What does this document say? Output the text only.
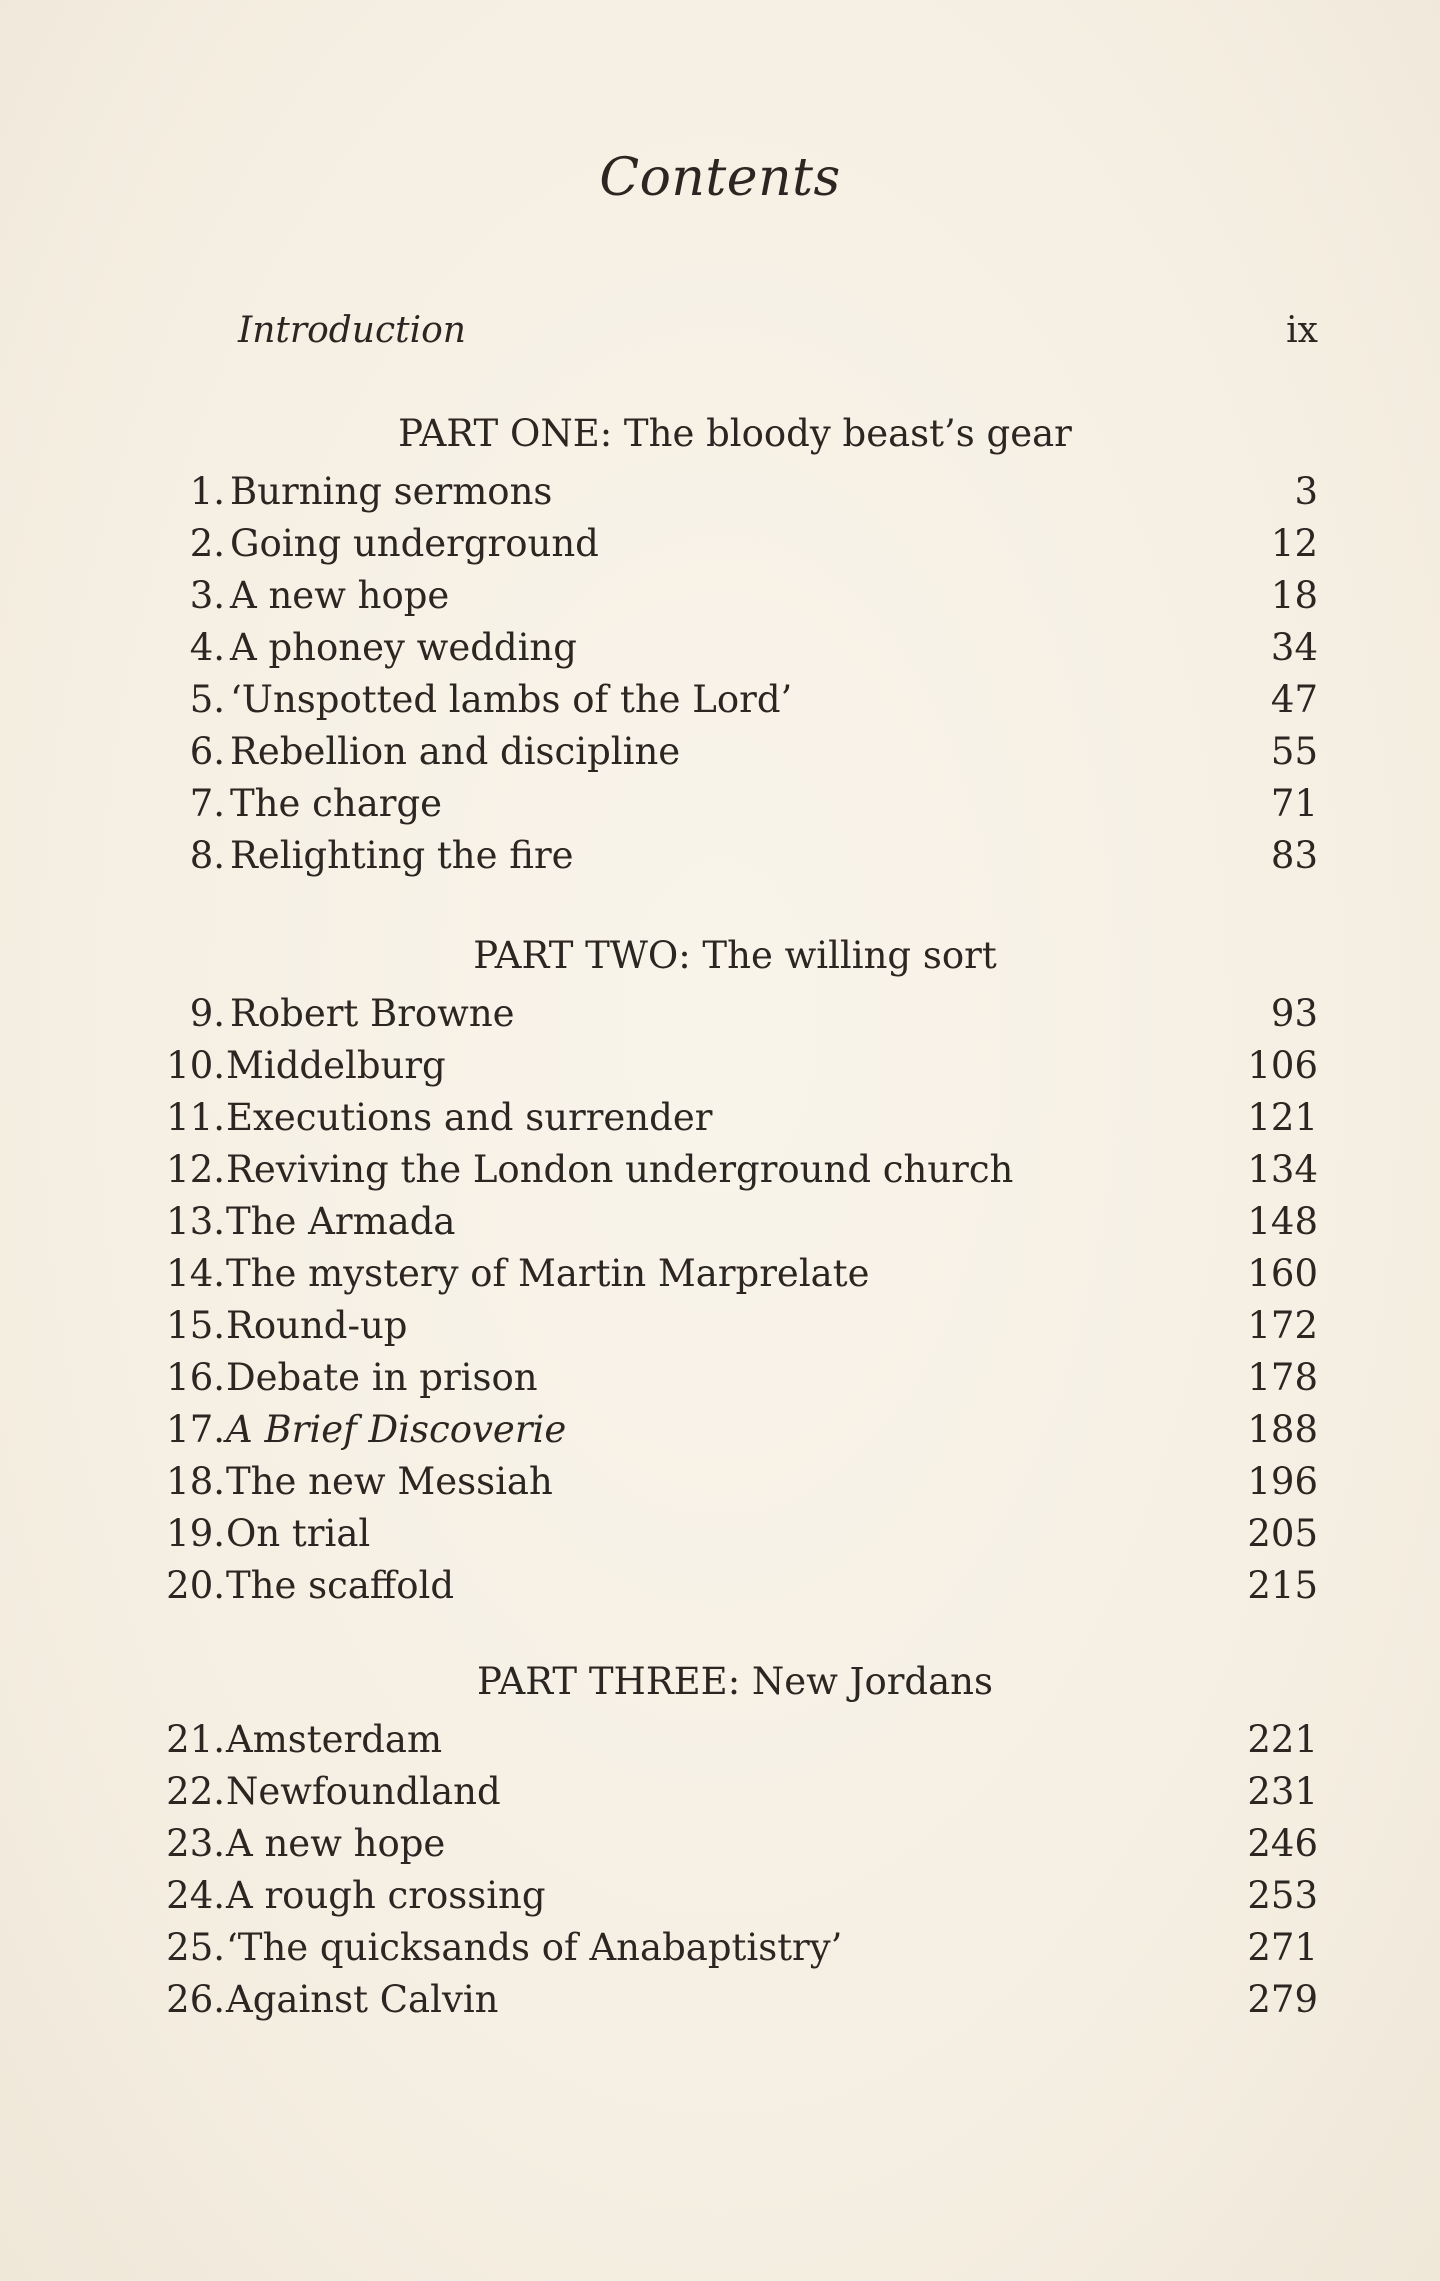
Contents
Introduction	ix
PART ONE: The bloody beast’s gear
1. Burning sermons	3
2. Going underground	12
3. A new hope	18
4. A phoney wedding	34
5. ‘Unspotted lambs of the Lord’	47
6. Rebellion and discipline	55
7. The charge	71
8. Relighting the fire	83
PART TWO: The willing sort
9. Robert Browne	93
10. Middelburg	106
11. Executions and surrender	121
12. Reviving the London underground church	134
13. The Armada	148
14. The mystery of Martin Marprelate	160
15. Round-up	172
16. Debate in prison	178
17. A Brief Discoverie	188
18. The new Messiah	196
19. On trial	205
20. The scaffold	215
PART THREE: New Jordans
21. Amsterdam	221
22. Newfoundland	231
23. A new hope	246
24. A rough crossing	253
25. ‘The quicksands of Anabaptistry’	271
26. Against Calvin	279
